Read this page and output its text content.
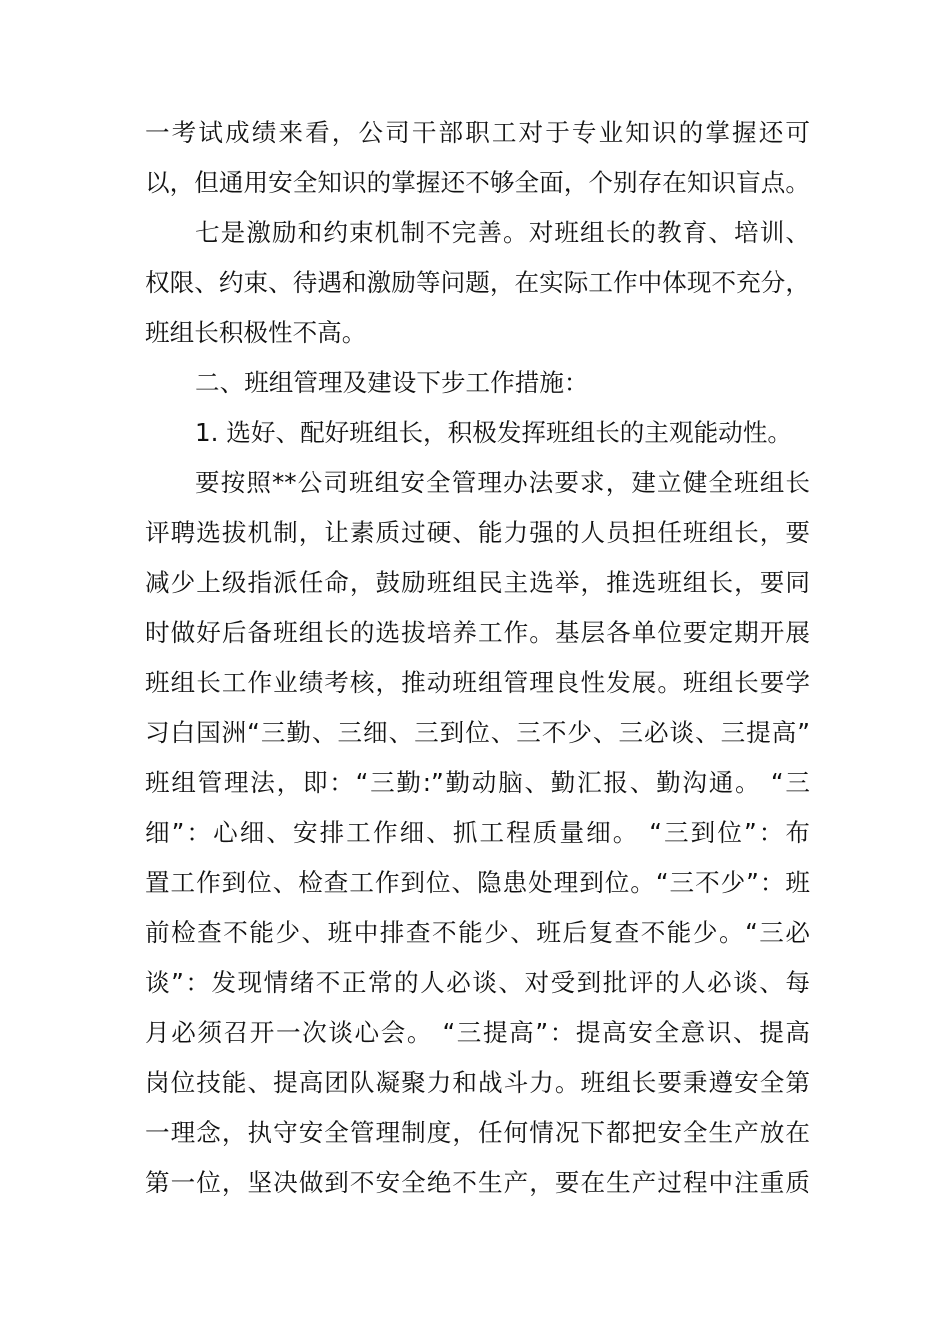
一考试成绩来看，公司干部职工对于专业知识的掌握还可
以，但通用安全知识的掌握还不够全面，个别存在知识盲点。
七是激励和约束机制不完善。对班组长的教育、培训、
权限、约束、待遇和激励等问题，在实际工作中体现不充分，
班组长积极性不高。
二、班组管理及建设下步工作措施：
1. 选好、配好班组长，积极发挥班组长的主观能动性。
要按照**公司班组安全管理办法要求，建立健全班组长
评聘选拔机制，让素质过硬、能力强的人员担任班组长，要
减少上级指派任命，鼓励班组民主选举，推选班组长，要同
时做好后备班组长的选拔培养工作。基层各单位要定期开展
班组长工作业绩考核，推动班组管理良性发展。班组长要学
习白国洲“三勤、三细、三到位、三不少、三必谈、三提高”
班组管理法，即：“三勤:”勤动脑、勤汇报、勤沟通。 “三
细”：心细、安排工作细、抓工程质量细。 “三到位”：布
置工作到位、检查工作到位、隐患处理到位。“三不少”：班
前检查不能少、班中排查不能少、班后复查不能少。“三必
谈”：发现情绪不正常的人必谈、对受到批评的人必谈、每
月必须召开一次谈心会。 “三提高”：提高安全意识、提高
岗位技能、提高团队凝聚力和战斗力。班组长要秉遵安全第
一理念，执守安全管理制度，任何情况下都把安全生产放在
第一位，坚决做到不安全绝不生产，要在生产过程中注重质
